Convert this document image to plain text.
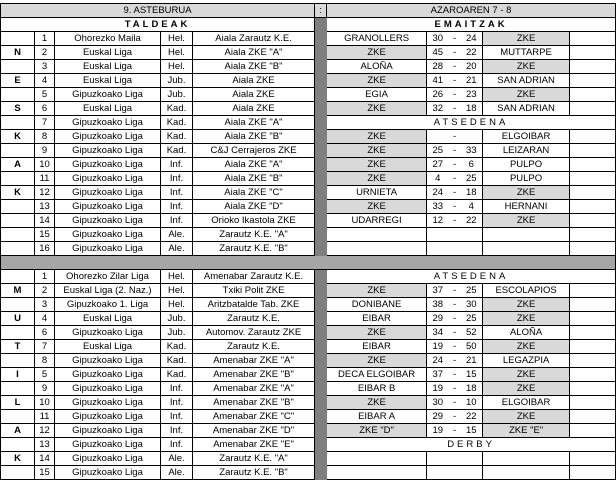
9. ASTEBURUA					:	AZAROAREN 7 - 8					
TALDEAK						EMAITZAK					
	1	Ohorezko Maila	Hel.	Aiala Zarautz K.E.		GRANOLLERS	30	-	24	ZKE	
N	2	Euskal Liga	Hel.	Aiala ZKE "A"		ZKE	45	-	22	MUTTARPE	
	3	Euskal Liga	Hel.	Aiala ZKE "B"		ALOÑA	28	-	20	ZKE	
E	4	Euskal Liga	Jub.	Aiala ZKE		ZKE	41	-	21	SAN ADRIAN	
	5	Gipuzkoako Liga	Jub.	Aiala ZKE		EGIA	26	-	23	ZKE	
S	6	Euskal Liga	Kad.	Aiala ZKE		ZKE	32	-	18	SAN ADRIAN	
	7	Gipuzkoako Liga	Kad.	Aiala ZKE "A"		ATSEDENA					
K	8	Gipuzkoako Liga	Kad.	Aiala ZKE "B"		ZKE		-		ELGOIBAR	
	9	Gipuzkoako Liga	Kad.	C&J Cerrajeros ZKE		ZKE	25	-	33	LEIZARAN	
A	10	Gipuzkoako Liga	Inf.	Aiala ZKE "A"		ZKE	27	-	6	PULPO	
	11	Gipuzkoako Liga	Inf.	Aiala ZKE "B"		ZKE	4	-	25	PULPO	
K	12	Gipuzkoako Liga	Inf.	Aiala ZKE "C"		URNIETA	24	-	18	ZKE	
	13	Gipuzkoako Liga	Inf.	Aiala ZKE "D"		ZKE	33	-	4	HERNANI	
	14	Gipuzkoako Liga	Inf.	Orioko Ikastola ZKE		UDARREGI	12	-	22	ZKE	
	15	Gipuzkoako Liga	Ale.	Zarautz K.E. "A"							
	16	Gipuzkoako Liga	Ale.	Zarautz K.E. "B"							

	1	Ohorezko Zilar Liga	Hel.	Amenabar Zarautz K.E.		ATSEDENA					
M	2	Euskal Liga (2. Naz.)	Hel.	Txiki Polit ZKE		ZKE	37	-	25	ESCOLAPIOS	
	3	Gipuzkoako 1. Liga	Hel.	Aritzbatalde Tab. ZKE		DONIBANE	38	-	30	ZKE	
U	4	Euskal Liga	Jub.	Zarautz K.E.		EIBAR	29	-	25	ZKE	
	6	Gipuzkoako Liga	Jub.	Automov. Zarautz ZKE		ZKE	34	-	52	ALOÑA	
T	7	Euskal Liga	Kad.	Zarautz K.E.		EIBAR	19	-	50	ZKE	
	8	Gipuzkoako Liga	Kad.	Amenabar ZKE "A"		ZKE	24	-	21	LEGAZPIA	
I	5	Gipuzkoako Liga	Kad.	Amenabar ZKE "B"		DECA ELGOIBAR	37	-	15	ZKE	
	9	Gipuzkoako Liga	Inf.	Amenabar ZKE "A"		EIBAR B	19	-	18	ZKE	
L	10	Gipuzkoako Liga	Inf.	Amenabar ZKE "B"		ZKE	30	-	10	ELGOIBAR	
	11	Gipuzkoako Liga	Inf.	Amenabar ZKE "C"		EIBAR A	29	-	22	ZKE	
A	12	Gipuzkoako Liga	Inf.	Amenabar ZKE "D"		ZKE "D"	19	-	15	ZKE "E"	
	13	Gipuzkoako Liga	Inf.	Amenabar ZKE "E"		DERBY					
K	14	Gipuzkoako Liga	Ale.	Zarautz K.E. "A"							
	15	Gipuzkoako Liga	Ale.	Zarautz K.E. "B"							
